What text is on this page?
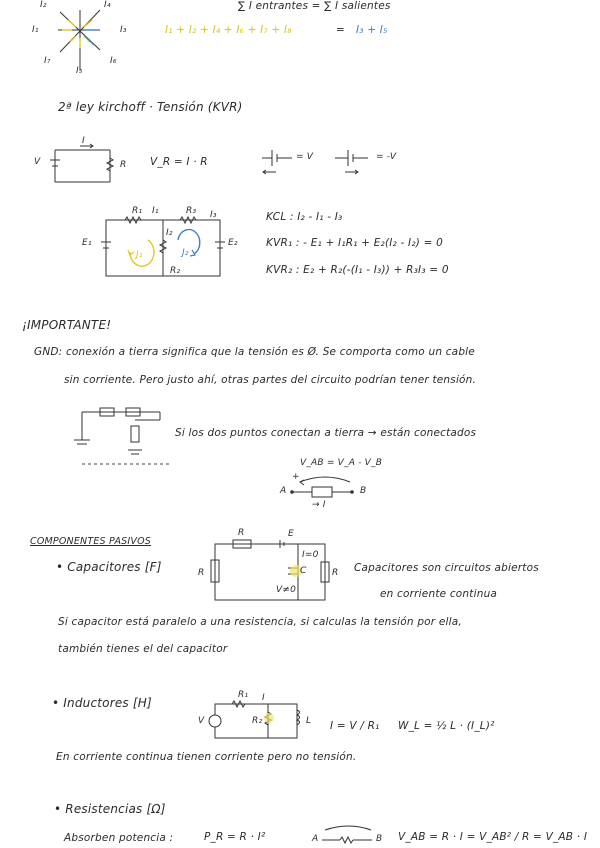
I₂	I₄
I₁	I₃
I₇	I₆
I₅
∑ I entrantes = ∑ I salientes
I₁ + I₂ + I₄ + I₆ + I₇ + I₈	= I₃ + I₅
2ª ley kirchoff · Tensión (KVR)
V	R
I
V_R = I · R	= V	= -V
R₁ I₁	R₃ I₃
I₂
E₁	E₂
R₂
J₁	J₂
KCL : I₂ - I₁ - I₃
KVR₁ : - E₁ + I₁R₁ + E₂(I₂ - I₂) = 0
KVR₂ : E₂ + R₂(-(I₁ - I₃)) + R₃I₃ = 0
¡IMPORTANTE!
GND: conexión a tierra significa que la tensión es Ø. Se comporta como un cable
sin corriente. Pero justo ahí, otras partes del circuito podrían tener tensión.
Si los dos puntos conectan a tierra → están conectados
V_AB = V_A - V_B
A	B
+
→ I
COMPONENTES PASIVOS
• Capacitores [F]	Capacitores son circuitos abiertos
en corriente continua
R	E
R	R
C
I=0
V≠0
Si capacitor está paralelo a una resistencia, si calculas la tensión por ella,
también tienes el del capacitor
• Inductores [H]
R₁ I
V	R₂	L I = V / R₁ W_L = ½ L · (I_L)²
En corriente continua tienen corriente pero no tensión.
• Resistencias [Ω]
Absorben potencia :	P_R = R · I²	A	B V_AB = R · I = V_AB² / R = V_AB · I
